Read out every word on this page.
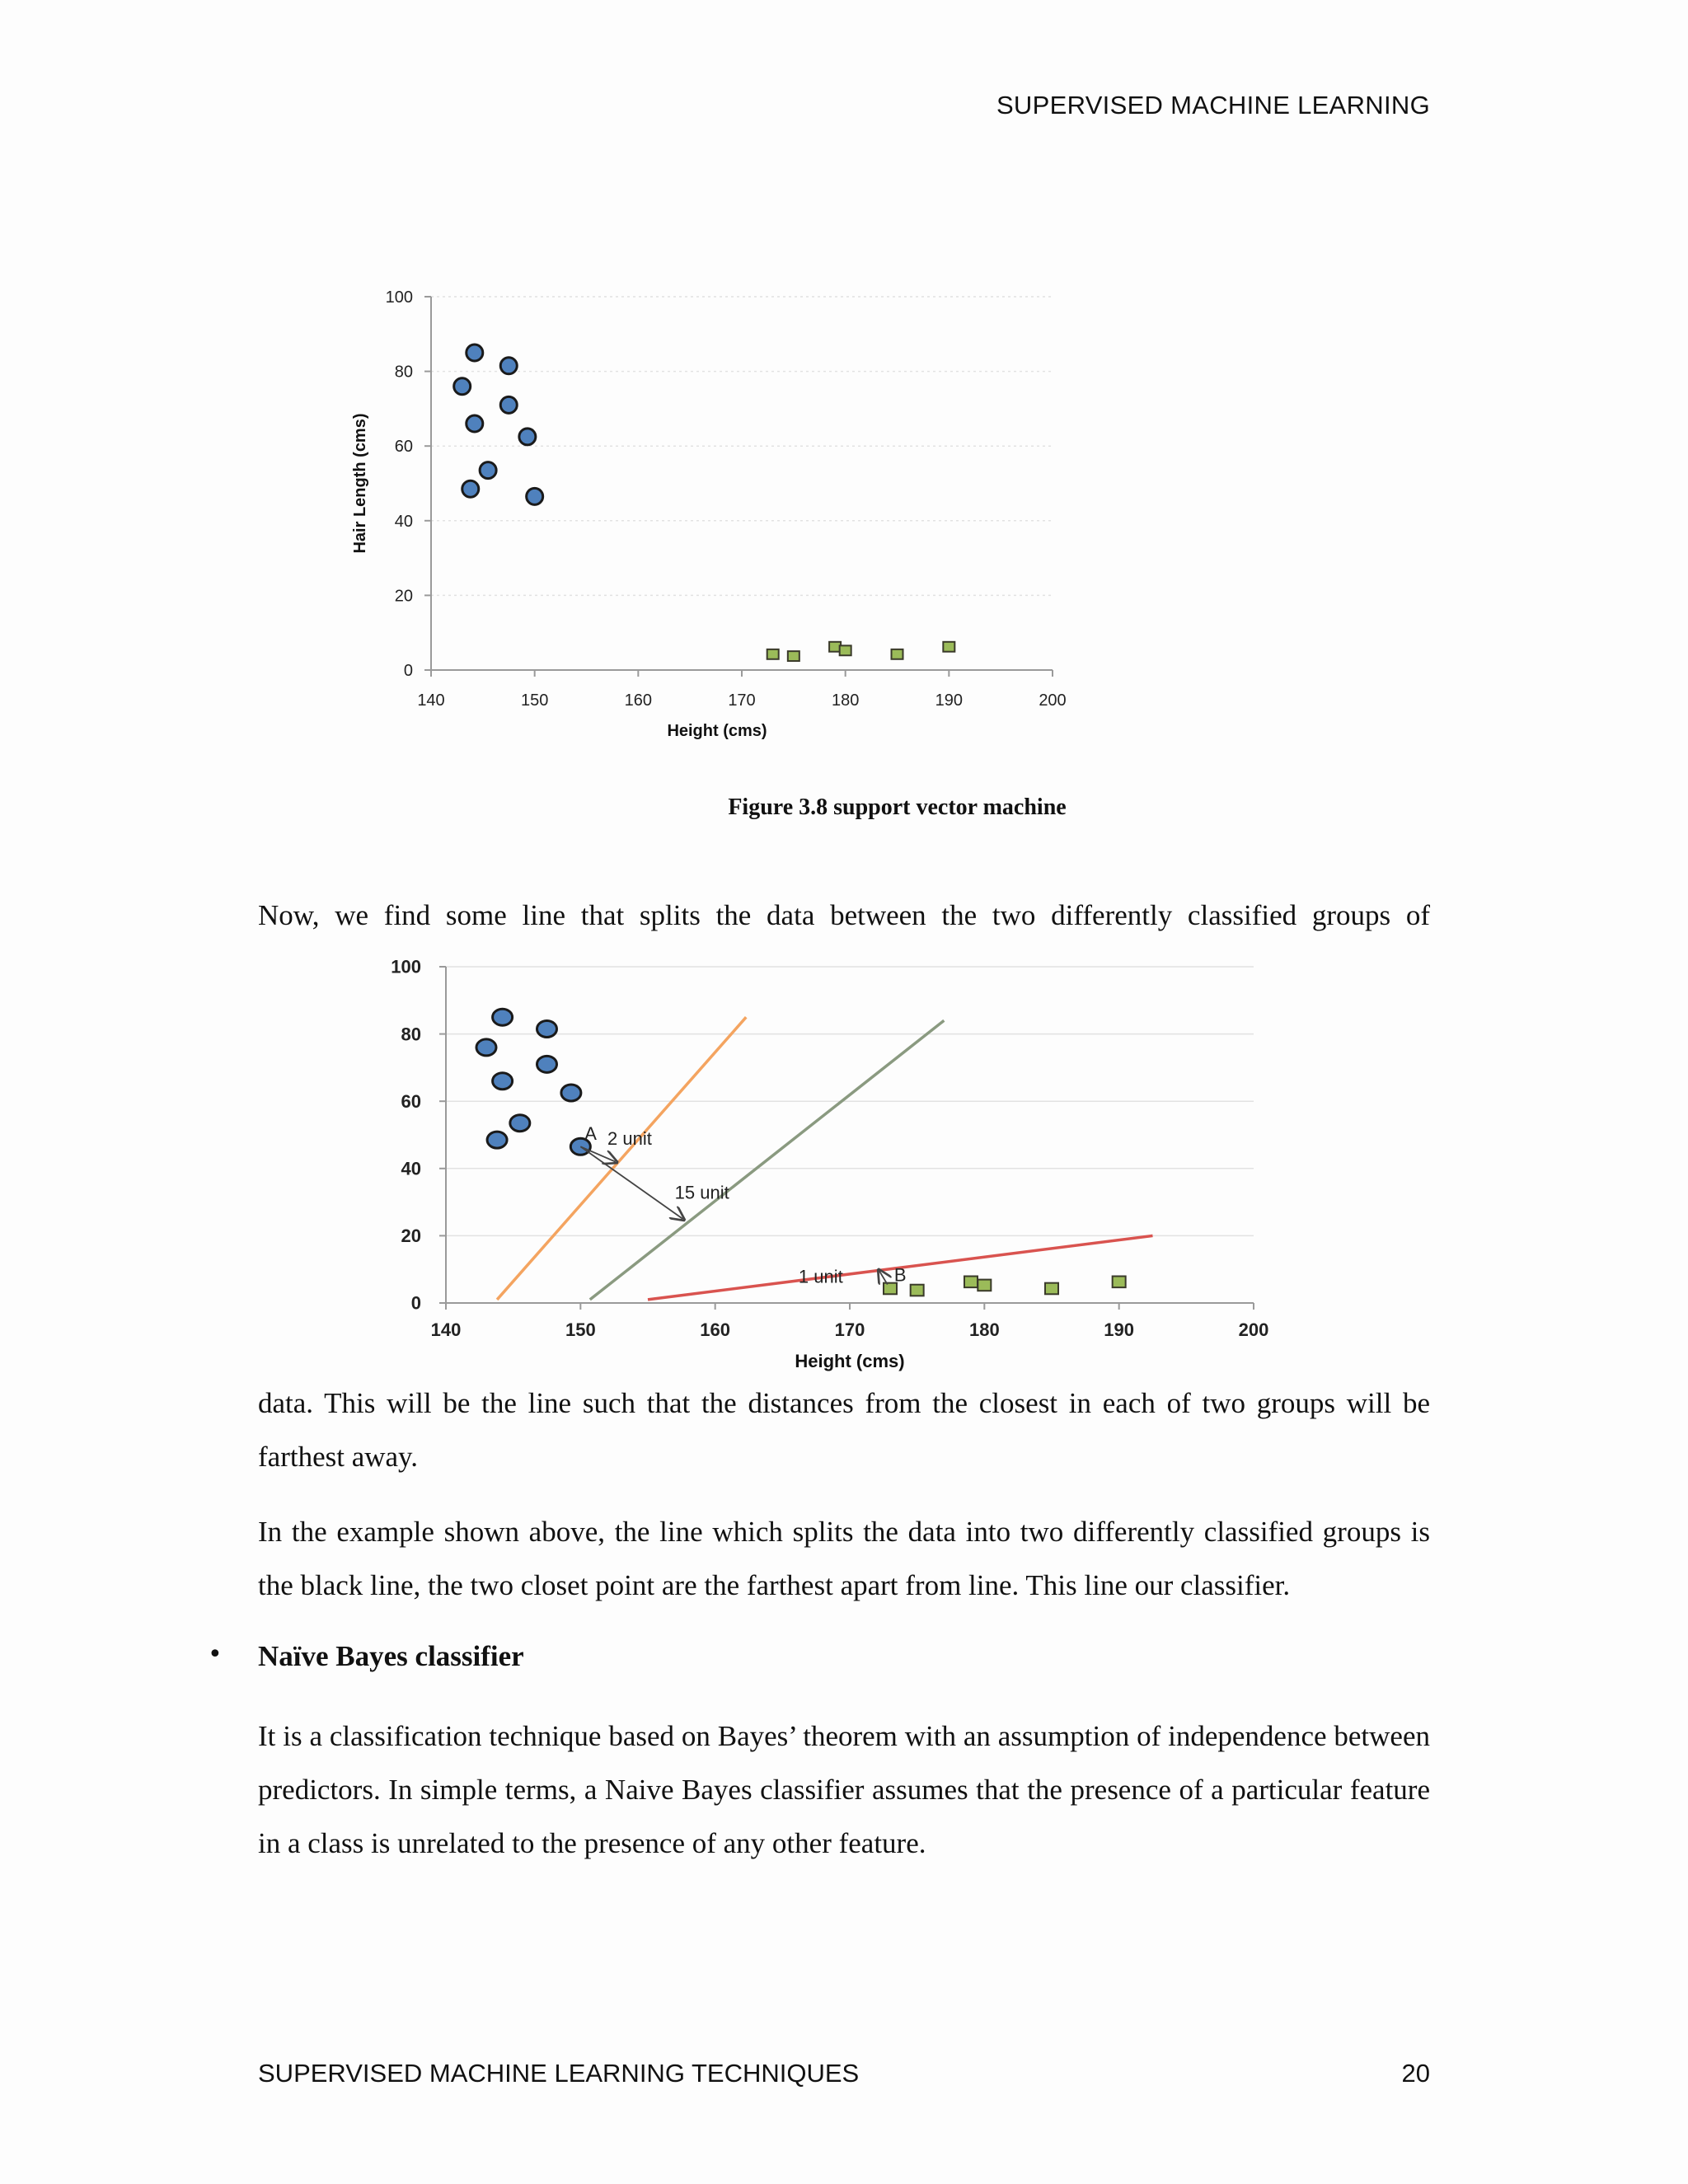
SUPERVISED MACHINE LEARNING
140	150	160	170	180	190	200
0
20
40
60
80
100
Height (cms)
Hair Length (cms)
Figure 3.8 support vector machine

Now, we find some line that splits the data between the two differently classified groups of

140	150	160	170	180	190	200
0
20
40
60
80
100
Height (cms)
A 2 unit
15 unit
1 unit	B

data. This will be the line such that the distances from the closest in each of two groups will be farthest away.

In the example shown above, the line which splits the data into two differently classified groups is the black line, the two closet point are the farthest apart from line. This line our classifier.

• Naïve Bayes classifier

It is a classification technique based on Bayes’ theorem with an assumption of independence between predictors. In simple terms, a Naive Bayes classifier assumes that the presence of a particular feature in a class is unrelated to the presence of any other feature.

SUPERVISED MACHINE LEARNING TECHNIQUES	20
